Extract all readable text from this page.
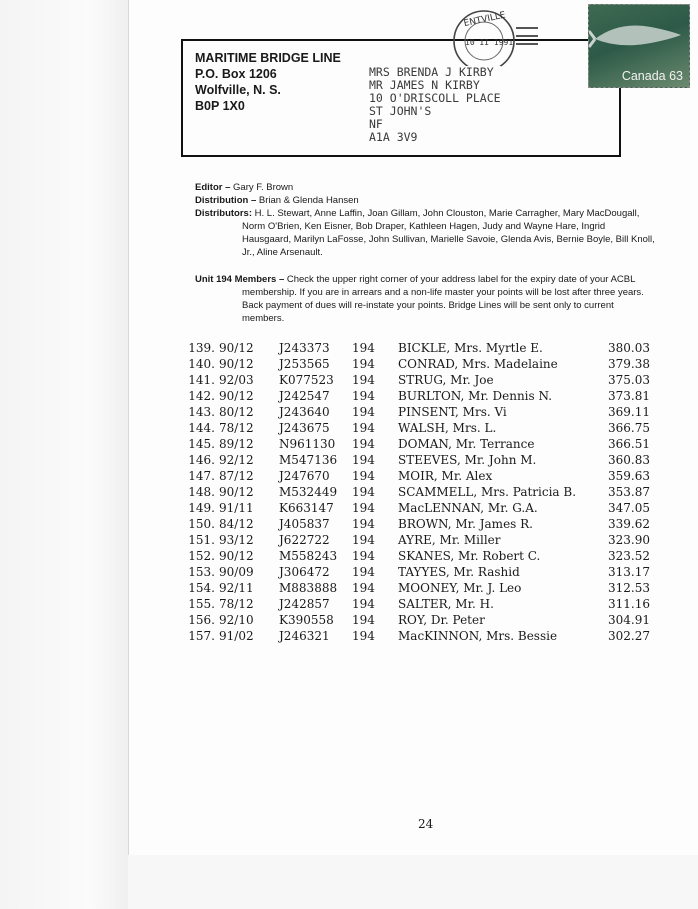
MARITIME BRIDGE LINE
P.O. Box 1206
Wolfville, N. S.
B0P 1X0
ENTVILLE
10 II 1991
MRS BRENDA J KIRBY
MR JAMES N KIRBY
10 O'DRISCOLL PLACE
ST JOHN'S
NF
A1A 3V9
Canada 63
Editor – Gary F. Brown
Distribution – Brian & Glenda Hansen
Distributors: H. L. Stewart, Anne Laffin, Joan Gillam, John Clouston, Marie Carragher, Mary MacDougall, Norm O'Brien, Ken Eisner, Bob Draper, Kathleen Hagen, Judy and Wayne Hare, Ingrid Hausgaard, Marilyn LaFosse, John Sullivan, Marielle Savoie, Glenda Avis, Bernie Boyle, Bill Knoll, Jr., Aline Arsenault.
Unit 194 Members – Check the upper right corner of your address label for the expiry date of your ACBL membership. If you are in arrears and a non-life master your points will be lost after three years. Back payment of dues will re-instate your points. Bridge Lines will be sent only to current members.
139. 90/12 J243373 194 BICKLE, Mrs. Myrtle E.	380.03
140. 90/12 J253565 194 CONRAD, Mrs. Madelaine	379.38
141. 92/03 K077523 194 STRUG, Mr. Joe	375.03
142. 90/12 J242547 194 BURLTON, Mr. Dennis N.	373.81
143. 80/12 J243640 194 PINSENT, Mrs. Vi	369.11
144. 78/12 J243675 194 WALSH, Mrs. L.	366.75
145. 89/12 N961130 194 DOMAN, Mr. Terrance	366.51
146. 92/12 M547136 194 STEEVES, Mr. John M.	360.83
147. 87/12 J247670 194 MOIR, Mr. Alex	359.63
148. 90/12 M532449 194 SCAMMELL, Mrs. Patricia B.	353.87
149. 91/11 K663147 194 MacLENNAN, Mr. G.A.	347.05
150. 84/12 J405837 194 BROWN, Mr. James R.	339.62
151. 93/12 J622722 194 AYRE, Mr. Miller	323.90
152. 90/12 M558243 194 SKANES, Mr. Robert C.	323.52
153. 90/09 J306472 194 TAYYES, Mr. Rashid	313.17
154. 92/11 M883888 194 MOONEY, Mr. J. Leo	312.53
155. 78/12 J242857 194 SALTER, Mr. H.	311.16
156. 92/10 K390558 194 ROY, Dr. Peter	304.91
157. 91/02 J246321 194 MacKINNON, Mrs. Bessie	302.27
24
